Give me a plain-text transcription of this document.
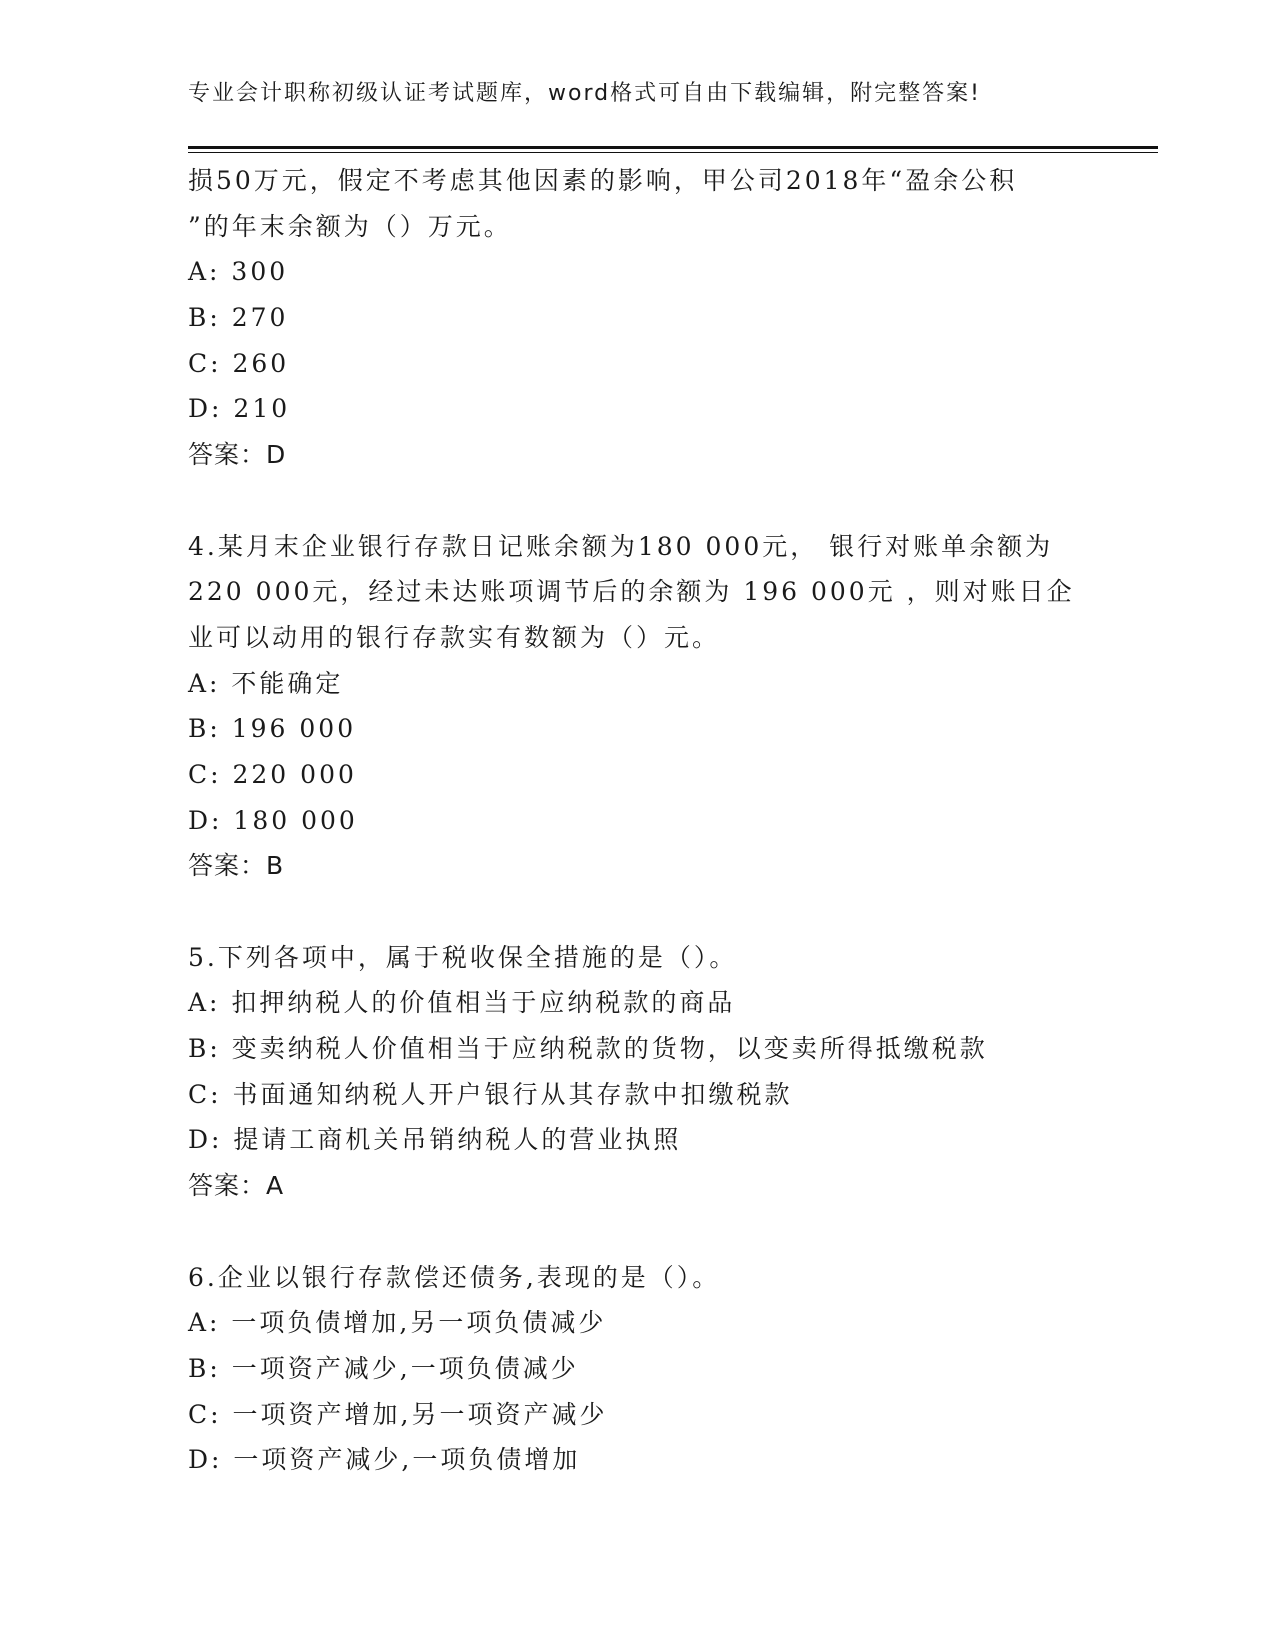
专业会计职称初级认证考试题库，word格式可自由下载编辑，附完整答案!
损50万元，假定不考虑其他因素的影响，甲公司2018年“盈余公积
”的年末余额为（）万元。
A: 300
B: 270
C: 260
D: 210
答案：D
4.某月末企业银行存款日记账余额为180 000元， 银行对账单余额为
220 000元，经过未达账项调节后的余额为 196 000元 ，则对账日企
业可以动用的银行存款实有数额为（）元。
A: 不能确定
B: 196 000
C: 220 000
D: 180 000
答案：B
5.下列各项中，属于税收保全措施的是（）。
A: 扣押纳税人的价值相当于应纳税款的商品
B: 变卖纳税人价值相当于应纳税款的货物，以变卖所得抵缴税款
C: 书面通知纳税人开户银行从其存款中扣缴税款
D: 提请工商机关吊销纳税人的营业执照
答案：A
6.企业以银行存款偿还债务,表现的是（）。
A: 一项负债增加,另一项负债减少
B: 一项资产减少,一项负债减少
C: 一项资产增加,另一项资产减少
D: 一项资产减少,一项负债增加
